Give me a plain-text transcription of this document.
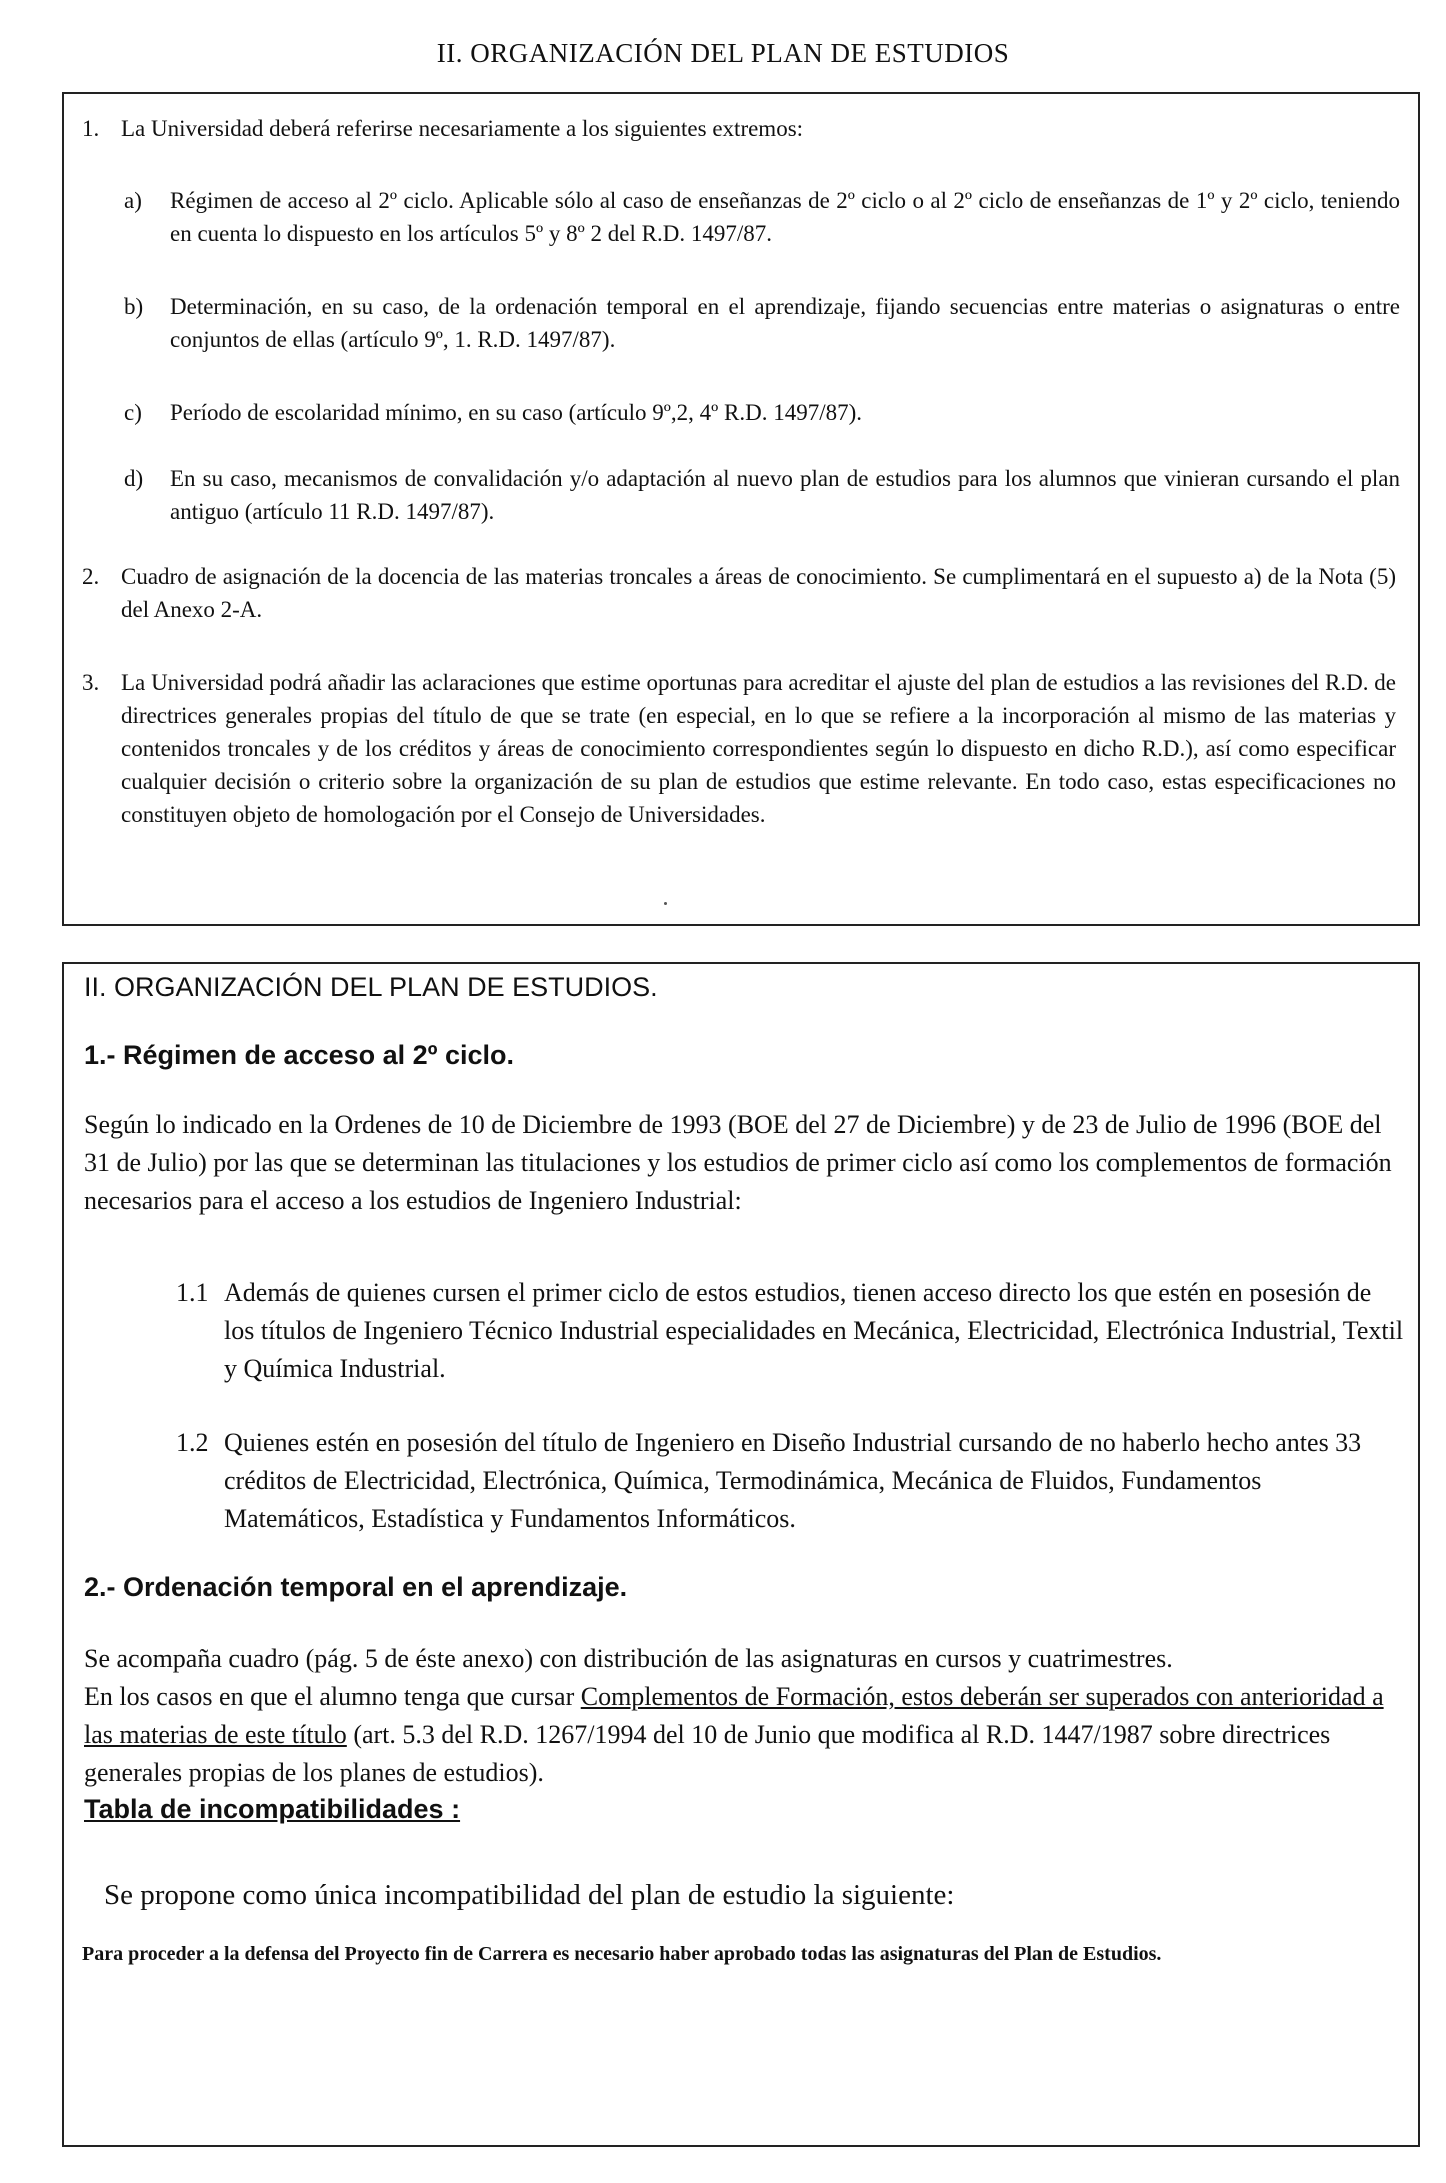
II. ORGANIZACIÓN DEL PLAN DE ESTUDIOS
1. La Universidad deberá referirse necesariamente a los siguientes extremos:
a) Régimen de acceso al 2º ciclo. Aplicable sólo al caso de enseñanzas de 2º ciclo o al 2º ciclo de enseñanzas de 1º y 2º ciclo, teniendo en cuenta lo dispuesto en los artículos 5º y 8º 2 del R.D. 1497/87.
b) Determinación, en su caso, de la ordenación temporal en el aprendizaje, fijando secuencias entre materias o asignaturas o entre conjuntos de ellas (artículo 9º, 1. R.D. 1497/87).
c) Período de escolaridad mínimo, en su caso (artículo 9º,2, 4º R.D. 1497/87).
d) En su caso, mecanismos de convalidación y/o adaptación al nuevo plan de estudios para los alumnos que vinieran cursando el plan antiguo (artículo 11 R.D. 1497/87).
2. Cuadro de asignación de la docencia de las materias troncales a áreas de conocimiento. Se cumplimentará en el supuesto a) de la Nota (5) del Anexo 2-A.
3. La Universidad podrá añadir las aclaraciones que estime oportunas para acreditar el ajuste del plan de estudios a las revisiones del R.D. de directrices generales propias del título de que se trate (en especial, en lo que se refiere a la incorporación al mismo de las materias y contenidos troncales y de los créditos y áreas de conocimiento correspondientes según lo dispuesto en dicho R.D.), así como especificar cualquier decisión o criterio sobre la organización de su plan de estudios que estime relevante. En todo caso, estas especificaciones no constituyen objeto de homologación por el Consejo de Universidades.
II. ORGANIZACIÓN DEL PLAN DE ESTUDIOS.
1.- Régimen de acceso al 2º ciclo.
Según lo indicado en la Ordenes de 10 de Diciembre de 1993 (BOE del 27 de Diciembre) y de 23 de Julio de 1996 (BOE del 31 de Julio) por las que se determinan las titulaciones y los estudios de primer ciclo así como los complementos de formación necesarios para el acceso a los estudios de Ingeniero Industrial:
1.1 Además de quienes cursen el primer ciclo de estos estudios, tienen acceso directo los que estén en posesión de los títulos de Ingeniero Técnico Industrial especialidades en Mecánica, Electricidad, Electrónica Industrial, Textil y Química Industrial.
1.2 Quienes estén en posesión del título de Ingeniero en Diseño Industrial cursando de no haberlo hecho antes 33 créditos de Electricidad, Electrónica, Química, Termodinámica, Mecánica de Fluidos, Fundamentos Matemáticos, Estadística y Fundamentos Informáticos.
2.- Ordenación temporal en el aprendizaje.
Se acompaña cuadro (pág. 5 de éste anexo) con distribución de las asignaturas en cursos y cuatrimestres.
En los casos en que el alumno tenga que cursar Complementos de Formación, estos deberán ser superados con anterioridad a las materias de este título (art. 5.3 del R.D. 1267/1994 del 10 de Junio que modifica al R.D. 1447/1987 sobre directrices generales propias de los planes de estudios).
Tabla de incompatibilidades :
Se propone como única incompatibilidad del plan de estudio la siguiente:
Para proceder a la defensa del Proyecto fin de Carrera es necesario haber aprobado todas las asignaturas del Plan de Estudios.
